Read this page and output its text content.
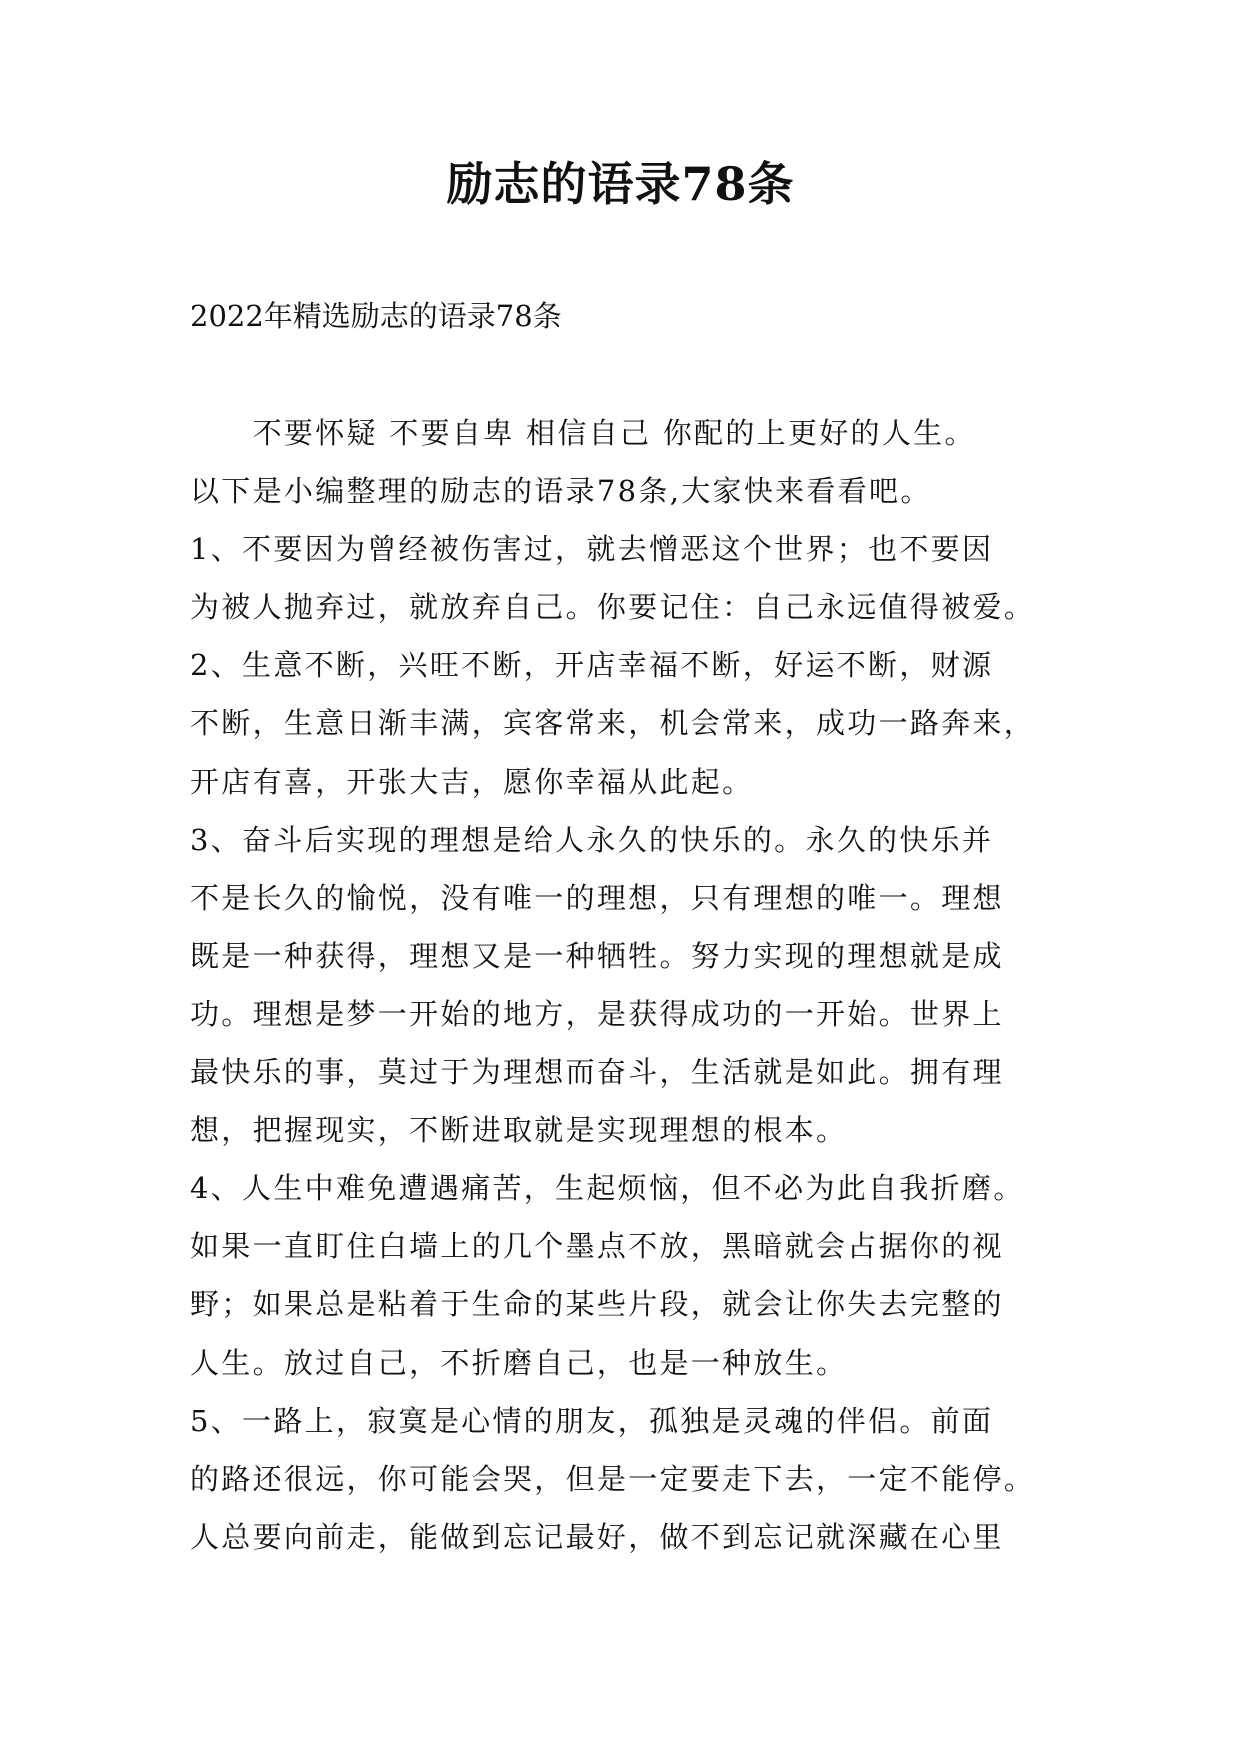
励志的语录78条

2022年精选励志的语录78条

　　不要怀疑 不要自卑 相信自己 你配的上更好的人生。

以下是小编整理的励志的语录78条,大家快来看看吧。

1、不要因为曾经被伤害过，就去憎恶这个世界；也不要因

为被人抛弃过，就放弃自己。你要记住：自己永远值得被爱。

2、生意不断，兴旺不断，开店幸福不断，好运不断，财源

不断，生意日渐丰满，宾客常来，机会常来，成功一路奔来，

开店有喜，开张大吉，愿你幸福从此起。

3、奋斗后实现的理想是给人永久的快乐的。永久的快乐并

不是长久的愉悦，没有唯一的理想，只有理想的唯一。理想

既是一种获得，理想又是一种牺牲。努力实现的理想就是成

功。理想是梦一开始的地方，是获得成功的一开始。世界上

最快乐的事，莫过于为理想而奋斗，生活就是如此。拥有理

想，把握现实，不断进取就是实现理想的根本。

4、人生中难免遭遇痛苦，生起烦恼，但不必为此自我折磨。

如果一直盯住白墙上的几个墨点不放，黑暗就会占据你的视

野；如果总是粘着于生命的某些片段，就会让你失去完整的

人生。放过自己，不折磨自己，也是一种放生。

5、一路上，寂寞是心情的朋友，孤独是灵魂的伴侣。前面

的路还很远，你可能会哭，但是一定要走下去，一定不能停。

人总要向前走，能做到忘记最好，做不到忘记就深藏在心里
